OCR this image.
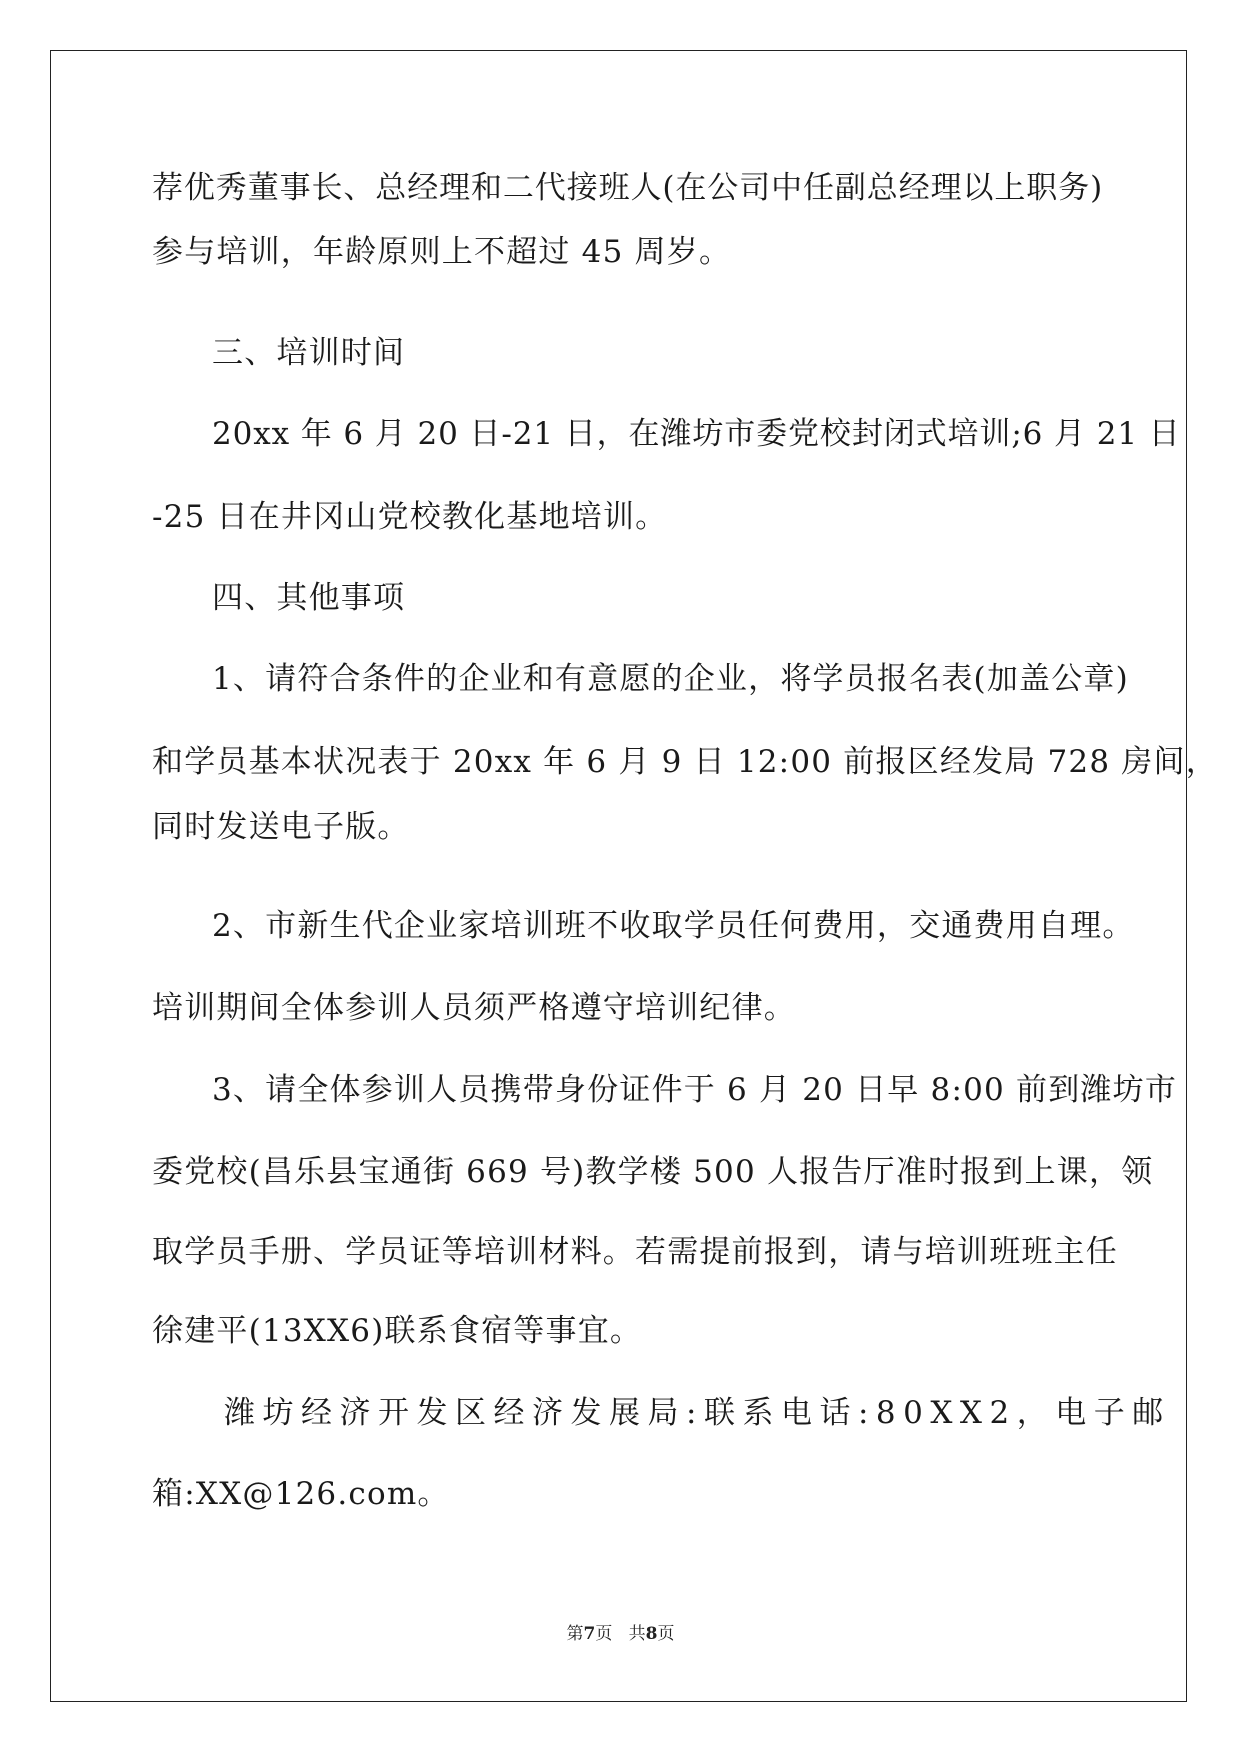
荐优秀董事长、总经理和二代接班人(在公司中任副总经理以上职务)
参与培训，年龄原则上不超过 45 周岁。
三、培训时间
20xx 年 6 月 20 日-21 日，在潍坊市委党校封闭式培训;6 月 21 日
-25 日在井冈山党校教化基地培训。
四、其他事项
1、请符合条件的企业和有意愿的企业，将学员报名表(加盖公章)
和学员基本状况表于 20xx 年 6 月 9 日 12:00 前报区经发局 728 房间，
同时发送电子版。
2、市新生代企业家培训班不收取学员任何费用，交通费用自理。
培训期间全体参训人员须严格遵守培训纪律。
3、请全体参训人员携带身份证件于 6 月 20 日早 8:00 前到潍坊市
委党校(昌乐县宝通街 669 号)教学楼 500 人报告厅准时报到上课，领
取学员手册、学员证等培训材料。若需提前报到，请与培训班班主任
徐建平(13XX6)联系食宿等事宜。
潍坊经济开发区经济发展局:联系电话:80XX2，电子邮
箱:XX@126.com。
第7页   共8页
